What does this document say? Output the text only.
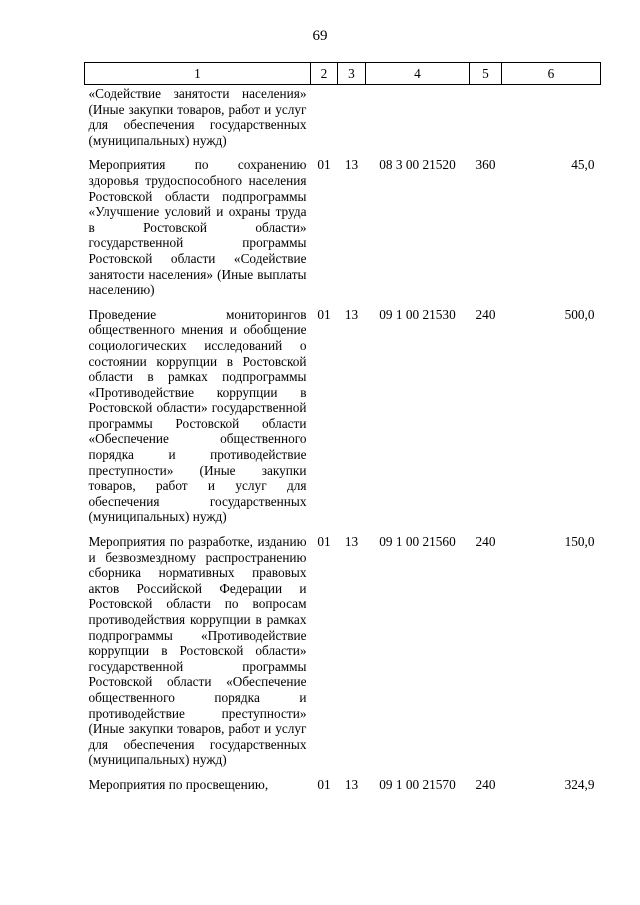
69
1	2	3	4	5	6
«Содействие занятости населения» (Иные закупки товаров, работ и услуг для обеспечения государственных (муниципальных) нужд)					
Мероприятия по сохранению здоровья трудоспособного населения Ростовской области подпрограммы «Улучшение условий и охраны труда в Ростовской области» государственной программы Ростовской области «Содействие занятости населения» (Иные выплаты населению)	01	13	08 3 00 21520	360	45,0
Проведение мониторингов общественного мнения и обобщение социологических исследований о состоянии коррупции в Ростовской области в рамках подпрограммы «Противодействие коррупции в Ростовской области» государственной программы Ростовской области «Обеспечение общественного порядка и противодействие преступности» (Иные закупки товаров, работ и услуг для обеспечения государственных (муниципальных) нужд)	01	13	09 1 00 21530	240	500,0
Мероприятия по разработке, изданию и безвозмездному распространению сборника нормативных правовых актов Российской Федерации и Ростовской области по вопросам противодействия коррупции в рамках подпрограммы «Противодействие коррупции в Ростовской области» государственной программы Ростовской области «Обеспечение общественного порядка и противодействие преступности» (Иные закупки товаров, работ и услуг для обеспечения государственных (муниципальных) нужд)	01	13	09 1 00 21560	240	150,0
Мероприятия по просвещению,	01	13	09 1 00 21570	240	324,9
